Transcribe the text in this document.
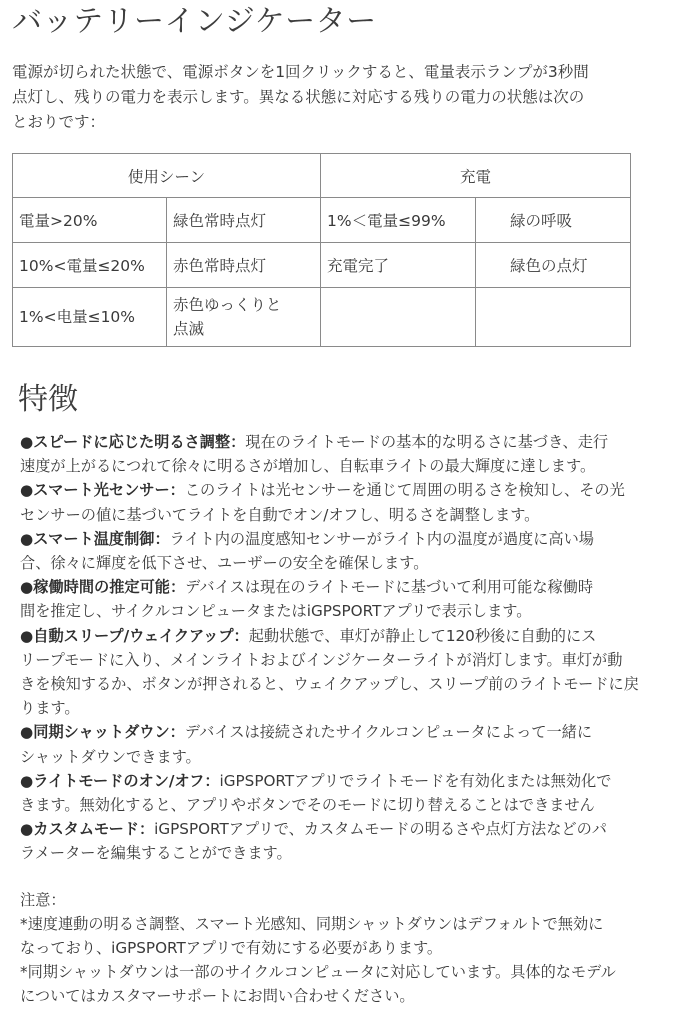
バッテリーインジケーター
電源が切られた状態で、電源ボタンを1回クリックすると、電量表示ランプが3秒間
点灯し、残りの電力を表示します。異なる状態に対応する残りの電力の状態は次の
とおりです：
使用シーン		充電	
電量>20%	緑色常時点灯	1%＜電量≤99%	緑の呼吸
10%<電量≤20%	赤色常時点灯	充電完了	緑色の点灯
1%<电量≤10%	赤色ゆっくりと
点滅		
特徴
●スピードに応じた明るさ調整：現在のライトモードの基本的な明るさに基づき、走行
速度が上がるにつれて徐々に明るさが増加し、自転車ライトの最大輝度に達します。
●スマート光センサー：このライトは光センサーを通じて周囲の明るさを検知し、その光
センサーの値に基づいてライトを自動でオン/オフし、明るさを調整します。
●スマート温度制御：ライト内の温度感知センサーがライト内の温度が過度に高い場
合、徐々に輝度を低下させ、ユーザーの安全を確保します。
●稼働時間の推定可能：デバイスは現在のライトモードに基づいて利用可能な稼働時
間を推定し、サイクルコンピュータまたはiGPSPORTアプリで表示します。
●自動スリープ/ウェイクアップ：起動状態で、車灯が静止して120秒後に自動的にス
リープモードに入り、メインライトおよびインジケーターライトが消灯します。車灯が動
きを検知するか、ボタンが押されると、ウェイクアップし、スリープ前のライトモードに戻
ります。
●同期シャットダウン：デバイスは接続されたサイクルコンピュータによって一緒に
シャットダウンできます。
●ライトモードのオン/オフ：iGPSPORTアプリでライトモードを有効化または無効化で
きます。無効化すると、アプリやボタンでそのモードに切り替えることはできません
●カスタムモード：iGPSPORTアプリで、カスタムモードの明るさや点灯方法などのパ
ラメーターを編集することができます。
注意：
*速度連動の明るさ調整、スマート光感知、同期シャットダウンはデフォルトで無効に
なっており、iGPSPORTアプリで有効にする必要があります。
*同期シャットダウンは一部のサイクルコンピュータに対応しています。具体的なモデル
についてはカスタマーサポートにお問い合わせください。
